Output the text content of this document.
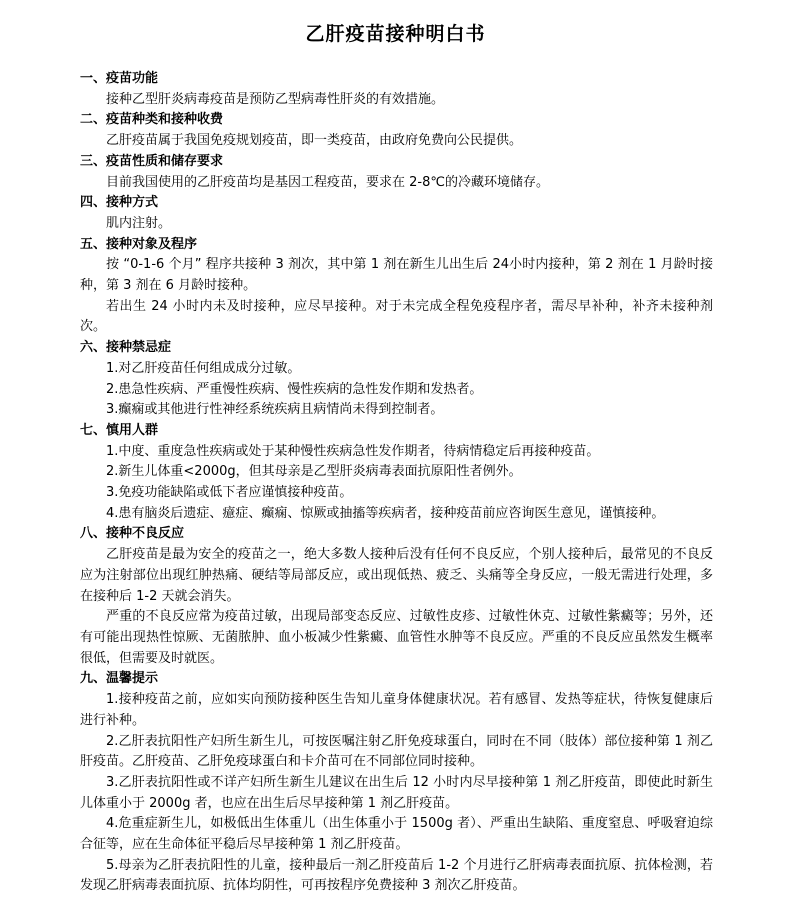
乙肝疫苗接种明白书
一、疫苗功能
接种乙型肝炎病毒疫苗是预防乙型病毒性肝炎的有效措施。
二、疫苗种类和接种收费
乙肝疫苗属于我国免疫规划疫苗，即一类疫苗，由政府免费向公民提供。
三、疫苗性质和储存要求
目前我国使用的乙肝疫苗均是基因工程疫苗，要求在 2-8℃的冷藏环境储存。
四、接种方式
肌内注射。
五、接种对象及程序
按 “0-1-6 个月” 程序共接种 3 剂次，其中第 1 剂在新生儿出生后 24小时内接种，第 2 剂在 1 月龄时接种，第 3 剂在 6 月龄时接种。
若出生 24 小时内未及时接种，应尽早接种。对于未完成全程免疫程序者，需尽早补种，补齐未接种剂次。
六、接种禁忌症
1.对乙肝疫苗任何组成成分过敏。
2.患急性疾病、严重慢性疾病、慢性疾病的急性发作期和发热者。
3.癫痫或其他进行性神经系统疾病且病情尚未得到控制者。
七、慎用人群
1.中度、重度急性疾病或处于某种慢性疾病急性发作期者，待病情稳定后再接种疫苗。
2.新生儿体重<2000g，但其母亲是乙型肝炎病毒表面抗原阳性者例外。
3.免疫功能缺陷或低下者应谨慎接种疫苗。
4.患有脑炎后遗症、癔症、癫痫、惊厥或抽搐等疾病者，接种疫苗前应咨询医生意见，谨慎接种。
八、接种不良反应
乙肝疫苗是最为安全的疫苗之一，绝大多数人接种后没有任何不良反应，个别人接种后，最常见的不良反应为注射部位出现红肿热痛、硬结等局部反应，或出现低热、疲乏、头痛等全身反应，一般无需进行处理，多在接种后 1-2 天就会消失。
严重的不良反应常为疫苗过敏，出现局部变态反应、过敏性皮疹、过敏性休克、过敏性紫癜等；另外，还有可能出现热性惊厥、无菌脓肿、血小板减少性紫癜、血管性水肿等不良反应。严重的不良反应虽然发生概率很低，但需要及时就医。
九、温馨提示
1.接种疫苗之前，应如实向预防接种医生告知儿童身体健康状况。若有感冒、发热等症状，待恢复健康后进行补种。
2.乙肝表抗阳性产妇所生新生儿，可按医嘱注射乙肝免疫球蛋白，同时在不同（肢体）部位接种第 1 剂乙肝疫苗。乙肝疫苗、乙肝免疫球蛋白和卡介苗可在不同部位同时接种。
3.乙肝表抗阳性或不详产妇所生新生儿建议在出生后 12 小时内尽早接种第 1 剂乙肝疫苗，即使此时新生儿体重小于 2000g 者，也应在出生后尽早接种第 1 剂乙肝疫苗。
4.危重症新生儿，如极低出生体重儿（出生体重小于 1500g 者）、严重出生缺陷、重度窒息、呼吸窘迫综合征等，应在生命体征平稳后尽早接种第 1 剂乙肝疫苗。
5.母亲为乙肝表抗阳性的儿童，接种最后一剂乙肝疫苗后 1-2 个月进行乙肝病毒表面抗原、抗体检测，若发现乙肝病毒表面抗原、抗体均阴性，可再按程序免费接种 3 剂次乙肝疫苗。
